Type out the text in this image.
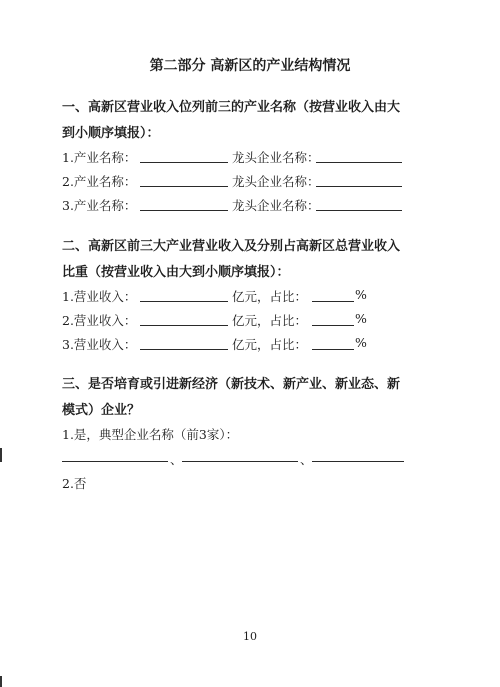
第二部分 高新区的产业结构情况
一、高新区营业收入位列前三的产业名称（按营业收入由大
到小顺序填报）：
1.产业名称：	龙头企业名称：
2.产业名称：	龙头企业名称：
3.产业名称：	龙头企业名称：
二、高新区前三大产业营业收入及分别占高新区总营业收入
比重（按营业收入由大到小顺序填报）：
1.营业收入：	亿元，占比：	%
2.营业收入：	亿元，占比：	%
3.营业收入：	亿元，占比：	%
三、是否培育或引进新经济（新技术、新产业、新业态、新
模式）企业？
1.是，典型企业名称（前3家）：
、	、
2.否
10
